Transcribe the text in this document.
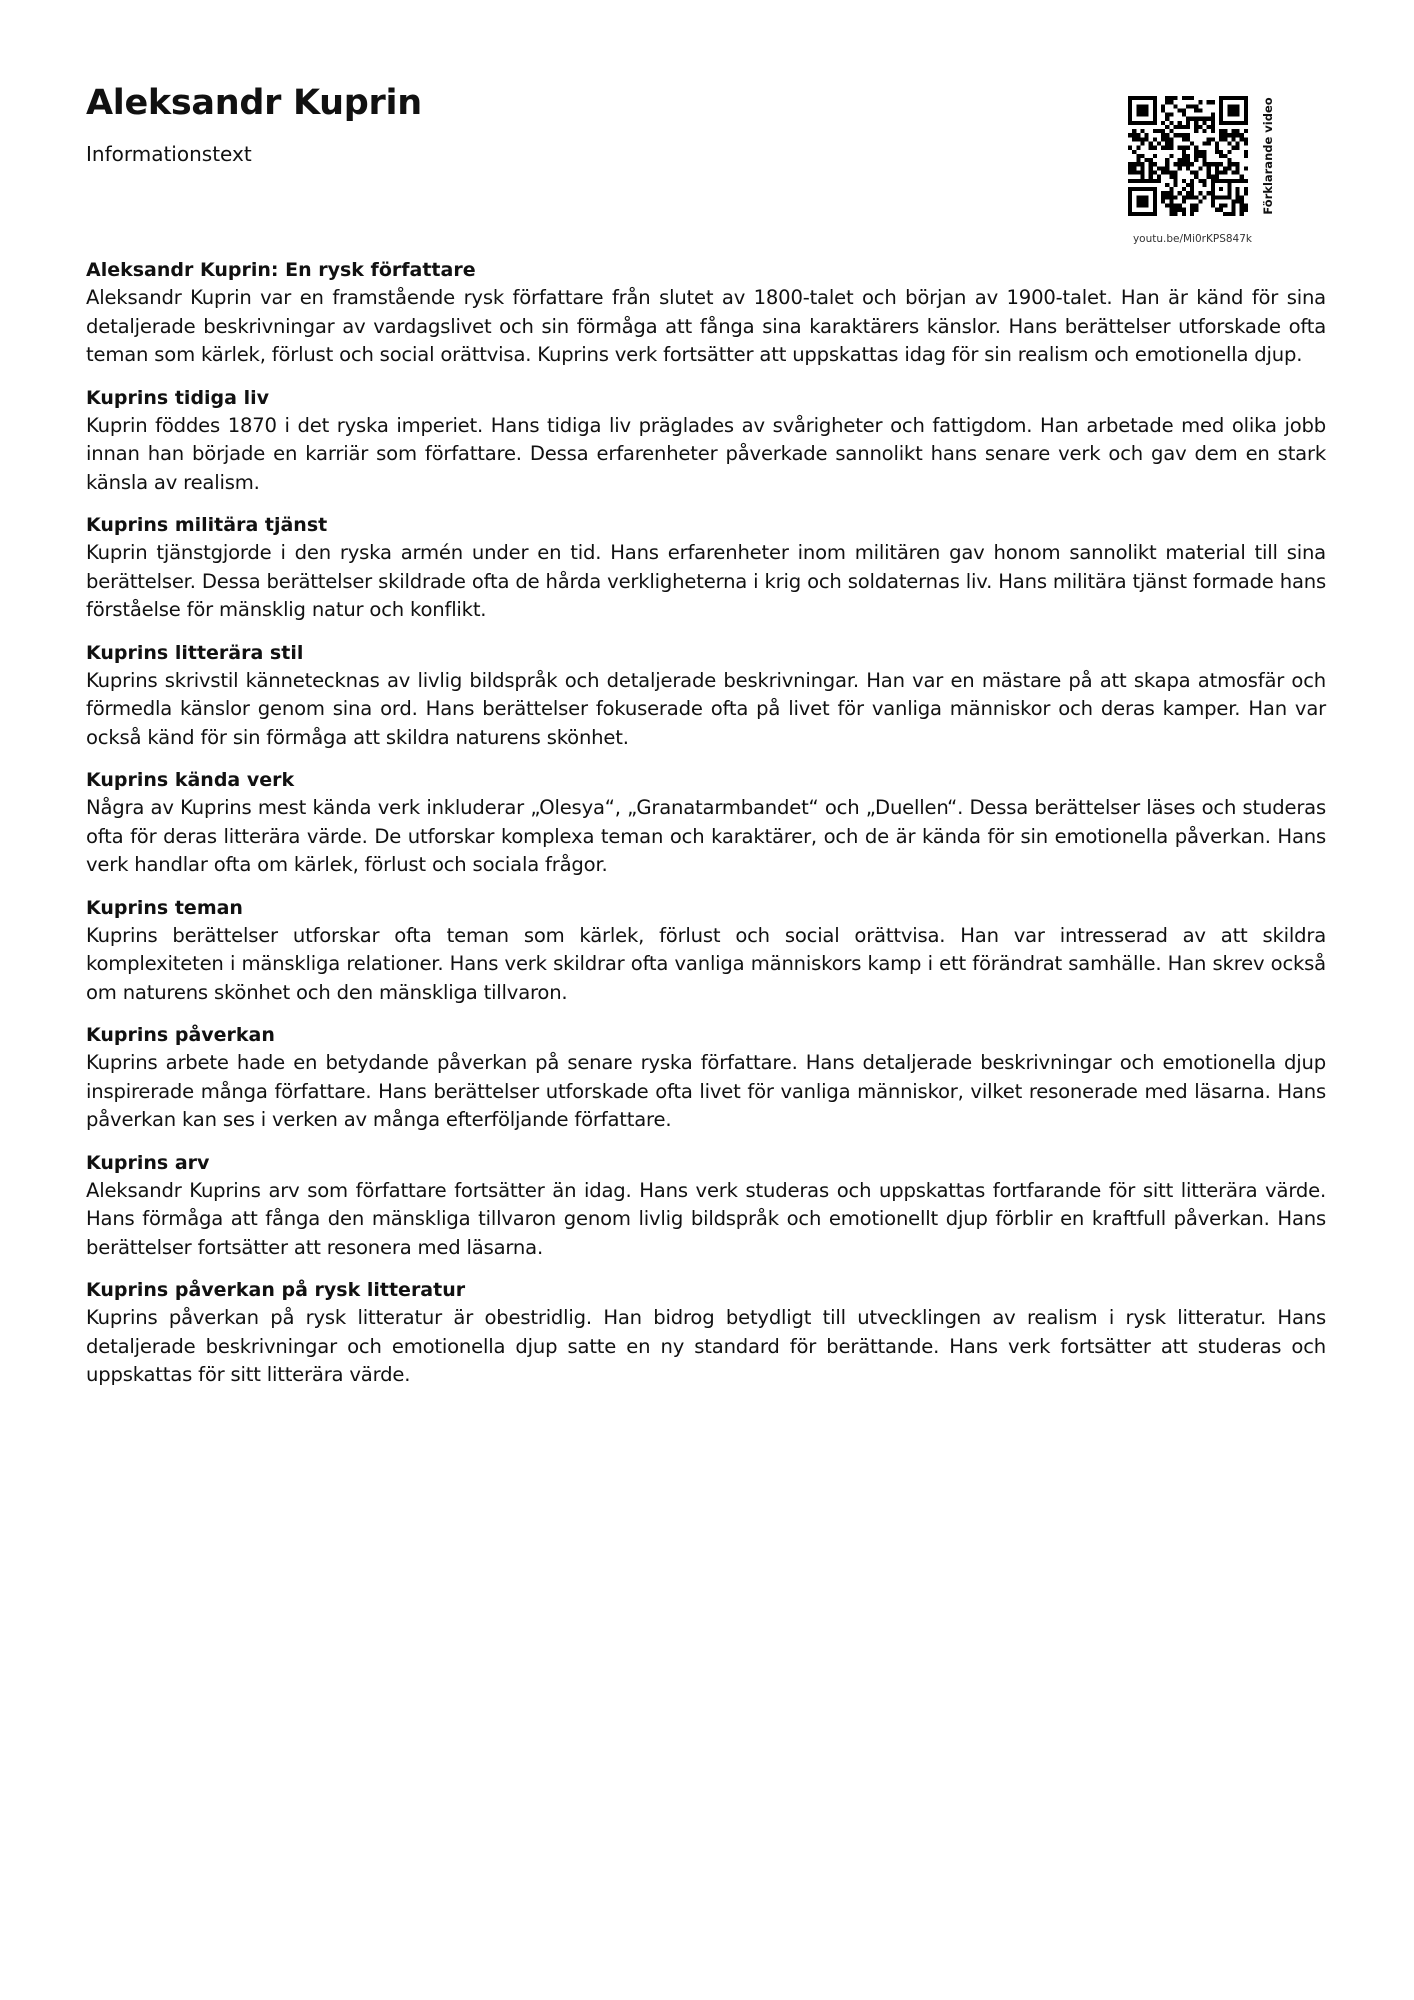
Aleksandr Kuprin
Informationstext
youtu.be/Mi0rKPS847k
Förklarande video
Aleksandr Kuprin: En rysk författare

Aleksandr Kuprin var en framstående rysk författare från slutet av 1800-talet och början av 1900-talet. Han är känd för sina detaljerade beskrivningar av vardagslivet och sin förmåga att fånga sina karaktärers känslor. Hans berättelser utforskade ofta teman som kärlek, förlust och social orättvisa. Kuprins verk fortsätter att uppskattas idag för sin realism och emotionella djup.

Kuprins tidiga liv

Kuprin föddes 1870 i det ryska imperiet. Hans tidiga liv präglades av svårigheter och fattigdom. Han arbetade med olika jobb innan han började en karriär som författare. Dessa erfarenheter påverkade sannolikt hans senare verk och gav dem en stark känsla av realism.

Kuprins militära tjänst

Kuprin tjänstgjorde i den ryska armén under en tid. Hans erfarenheter inom militären gav honom sannolikt material till sina berättelser. Dessa berättelser skildrade ofta de hårda verkligheterna i krig och soldaternas liv. Hans militära tjänst formade hans förståelse för mänsklig natur och konflikt.

Kuprins litterära stil

Kuprins skrivstil kännetecknas av livlig bildspråk och detaljerade beskrivningar. Han var en mästare på att skapa atmosfär och förmedla känslor genom sina ord. Hans berättelser fokuserade ofta på livet för vanliga människor och deras kamper. Han var också känd för sin förmåga att skildra naturens skönhet.

Kuprins kända verk

Några av Kuprins mest kända verk inkluderar „Olesya“, „Granatarmbandet“ och „Duellen“. Dessa berättelser läses och studeras ofta för deras litterära värde. De utforskar komplexa teman och karaktärer, och de är kända för sin emotionella påverkan. Hans verk handlar ofta om kärlek, förlust och sociala frågor.

Kuprins teman

Kuprins berättelser utforskar ofta teman som kärlek, förlust och social orättvisa. Han var intresserad av att skildra komplexiteten i mänskliga relationer. Hans verk skildrar ofta vanliga människors kamp i ett förändrat samhälle. Han skrev också om naturens skönhet och den mänskliga tillvaron.

Kuprins påverkan

Kuprins arbete hade en betydande påverkan på senare ryska författare. Hans detaljerade beskrivningar och emotionella djup inspirerade många författare. Hans berättelser utforskade ofta livet för vanliga människor, vilket resonerade med läsarna. Hans påverkan kan ses i verken av många efterföljande författare.

Kuprins arv

Aleksandr Kuprins arv som författare fortsätter än idag. Hans verk studeras och uppskattas fortfarande för sitt litterära värde. Hans förmåga att fånga den mänskliga tillvaron genom livlig bildspråk och emotionellt djup förblir en kraftfull påverkan. Hans berättelser fortsätter att resonera med läsarna.

Kuprins påverkan på rysk litteratur

Kuprins påverkan på rysk litteratur är obestridlig. Han bidrog betydligt till utvecklingen av realism i rysk litteratur. Hans detaljerade beskrivningar och emotionella djup satte en ny standard för berättande. Hans verk fortsätter att studeras och uppskattas för sitt litterära värde.
